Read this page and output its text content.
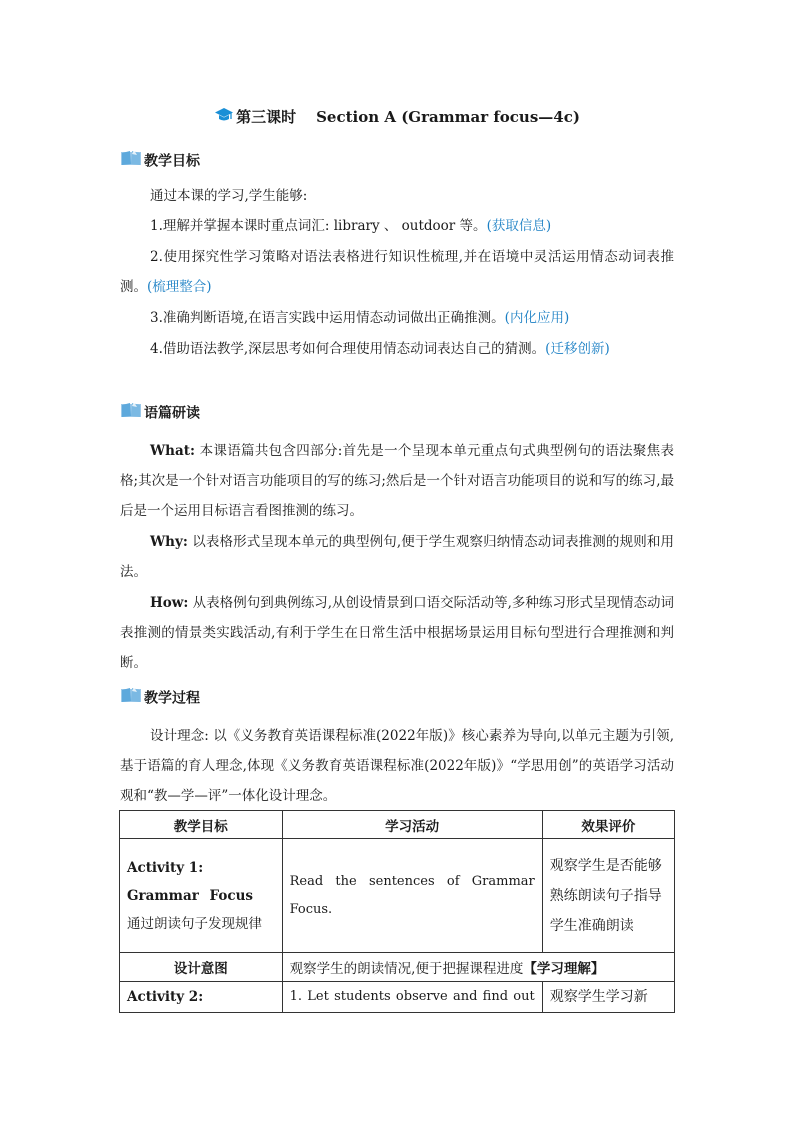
第三课时 Section A (Grammar focus—4c)
教学目标
通过本课的学习,学生能够:
1.理解并掌握本课时重点词汇: library 、 outdoor 等。(获取信息)
2.使用探究性学习策略对语法表格进行知识性梳理,并在语境中灵活运用情态动词表推测。(梳理整合)
3.准确判断语境,在语言实践中运用情态动词做出正确推测。(内化应用)
4.借助语法教学,深层思考如何合理使用情态动词表达自己的猜测。(迁移创新)
语篇研读
What: 本课语篇共包含四部分:首先是一个呈现本单元重点句式典型例句的语法聚焦表格;其次是一个针对语言功能项目的写的练习;然后是一个针对语言功能项目的说和写的练习,最后是一个运用目标语言看图推测的练习。
Why: 以表格形式呈现本单元的典型例句,便于学生观察归纳情态动词表推测的规则和用法。
How: 从表格例句到典例练习,从创设情景到口语交际活动等,多种练习形式呈现情态动词表推测的情景类实践活动,有利于学生在日常生活中根据场景运用目标句型进行合理推测和判断。
教学过程
设计理念: 以《义务教育英语课程标准(2022年版)》核心素养为导向,以单元主题为引领,基于语篇的育人理念,体现《义务教育英语课程标准(2022年版)》“学思用创”的英语学习活动观和“教—学—评”一体化设计理念。
教学目标	学习活动	效果评价

Activity 1:
Grammar Focus
通过朗读句子发现规律	Read the sentences of Grammar Focus.	观察学生是否能够熟练朗读句子指导学生准确朗读

设计意图	观察学生的朗读情况,便于把握课程进度【学习理解】	
Activity 2:	1. Let students observe and find out	观察学生学习新
